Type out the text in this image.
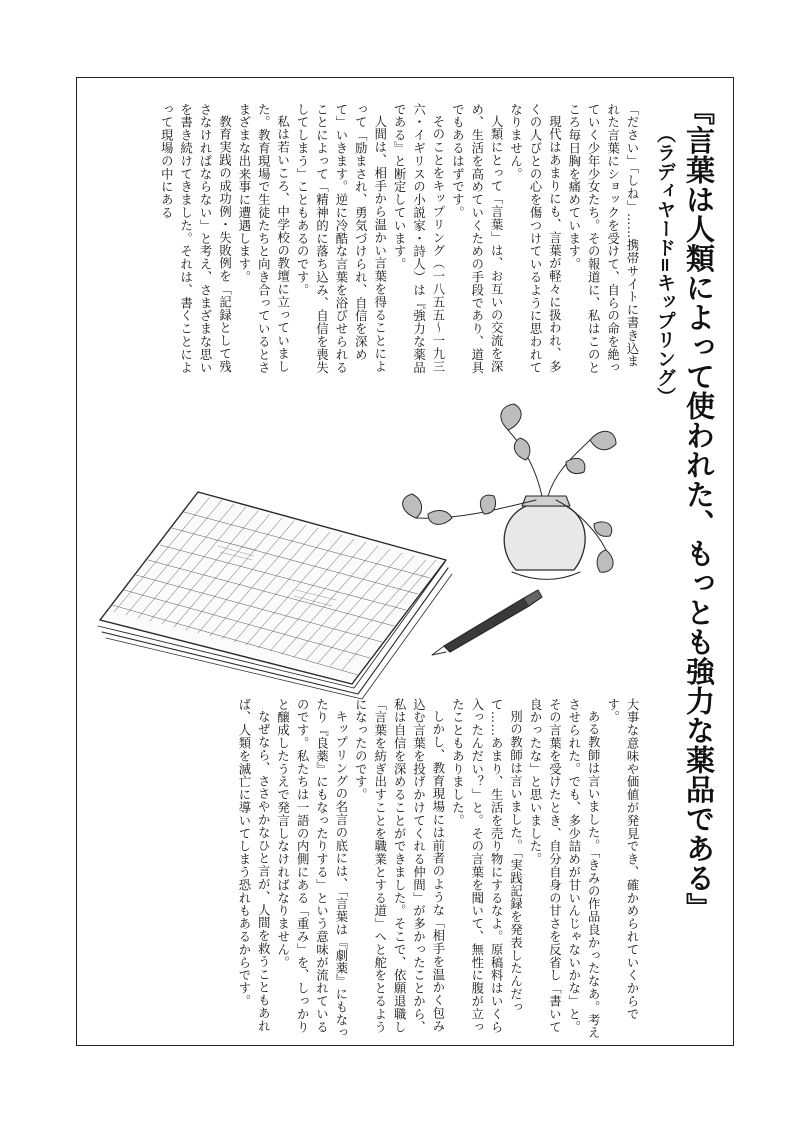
『言葉は人類によって使われた、もっとも強力な薬品である』
（ラディヤード=キップリング）

「ださい」「しね」……携帯サイトに書き込まれた言葉にショックを受けて、自らの命を絶っていく少年少女たち。その報道に、私はこのところ毎日胸を痛めています。

現代はあまりにも、言葉が軽々に扱われ、多くの人びとの心を傷つけているように思われてなりません。

人類にとって「言葉」は、お互いの交流を深め、生活を高めていくための手段であり、道具でもあるはずです。

そのことをキップリング（一八五五～一九三六・イギリスの小説家・詩人）は『強力な薬品である』と断定しています。

人間は、相手から温かい言葉を得ることによって「励まされ、勇気づけられ、自信を深めて」いきます。逆に冷酷な言葉を浴びせられることによって「精神的に落ち込み、自信を喪失してしまう」こともあるのです。

私は若いころ、中学校の教壇に立っていました。教育現場で生徒たちと向き合っているとさまざまな出来事に遭遇します。

教育実践の成功例・失敗例を「記録として残さなければならない」と考え、さまざまな思いを書き続けてきました。それは、書くことによって現場の中にある

大事な意味や価値が発見でき、確かめられていくからです。

ある教師は言いました。「きみの作品良かったなあ。考えさせられた。でも、多少詰めが甘いんじゃないかな」と。その言葉を受けたとき、自分自身の甘さを反省し「書いて良かったな」と思いました。

別の教師は言いました。「実践記録を発表したんだって……あまり、生活を売り物にするなよ。原稿料はいくら入ったんだい？」と。その言葉を聞いて、無性に腹が立ったこともありました。

しかし、教育現場には前者のような「相手を温かく包み込む言葉を投げかけてくれる仲間」が多かったことから、私は自信を深めることができました。そこで、依願退職し「言葉を紡ぎ出すことを職業とする道」へと舵をとるようになったのです。

キップリングの名言の底には、「言葉は『劇薬』にもなったり『良薬』にもなったりする」という意味が流れているのです。私たちは一語の内側にある「重み」を、しっかりと醸成したうえで発言しなければなりません。

なぜなら、ささやかなひと言が、人間を救うこともあれば、人類を滅亡に導いてしまう恐れもあるからです。
